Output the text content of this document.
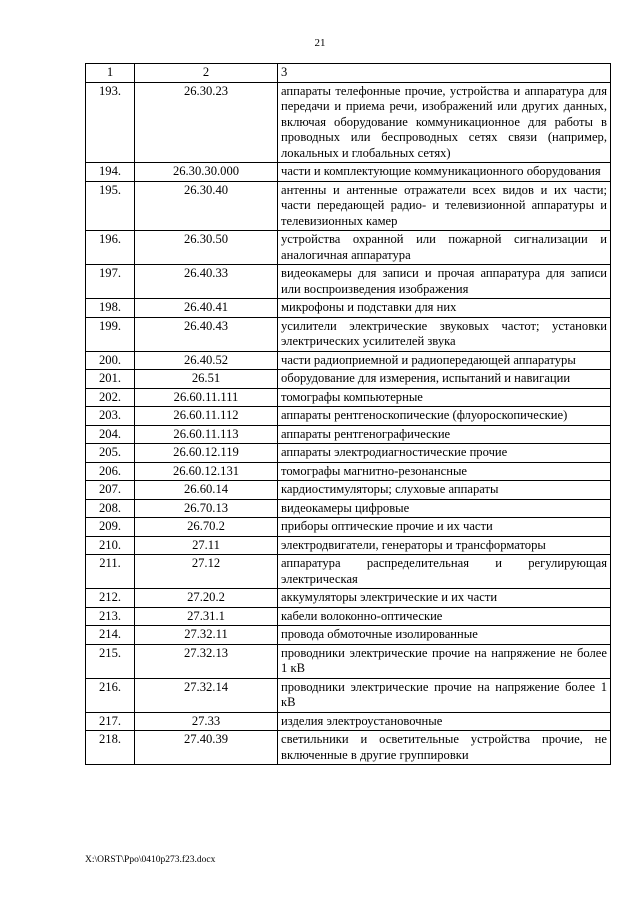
21
1	2	3
193.	26.30.23	аппараты телефонные прочие, устройства и аппаратура для передачи и приема речи, изображений или других данных, включая оборудование коммуникационное для работы в проводных или беспроводных сетях связи (например, локальных и глобальных сетях)
194.	26.30.30.000	части и комплектующие коммуникационного оборудования
195.	26.30.40	антенны и антенные отражатели всех видов и их части; части передающей радио- и телевизионной аппаратуры и телевизионных камер
196.	26.30.50	устройства охранной или пожарной сигнализации и аналогичная аппаратура
197.	26.40.33	видеокамеры для записи и прочая аппаратура для записи или воспроизведения изображения
198.	26.40.41	микрофоны и подставки для них
199.	26.40.43	усилители электрические звуковых частот; установки электрических усилителей звука
200.	26.40.52	части радиоприемной и радиопередающей аппаратуры
201.	26.51	оборудование для измерения, испытаний и навигации
202.	26.60.11.111	томографы компьютерные
203.	26.60.11.112	аппараты рентгеноскопические (флуороскопические)
204.	26.60.11.113	аппараты рентгенографические
205.	26.60.12.119	аппараты электродиагностические прочие
206.	26.60.12.131	томографы магнитно-резонансные
207.	26.60.14	кардиостимуляторы; слуховые аппараты
208.	26.70.13	видеокамеры цифровые
209.	26.70.2	приборы оптические прочие и их части
210.	27.11	электродвигатели, генераторы и трансформаторы
211.	27.12	аппаратура распределительная и регулирующая электрическая
212.	27.20.2	аккумуляторы электрические и их части
213.	27.31.1	кабели волоконно-оптические
214.	27.32.11	провода обмоточные изолированные
215.	27.32.13	проводники электрические прочие на напряжение не более 1 кВ
216.	27.32.14	проводники электрические прочие на напряжение более 1 кВ
217.	27.33	изделия электроустановочные
218.	27.40.39	светильники и осветительные устройства прочие, не включенные в другие группировки
X:\ORST\Ppo\0410p273.f23.docx
